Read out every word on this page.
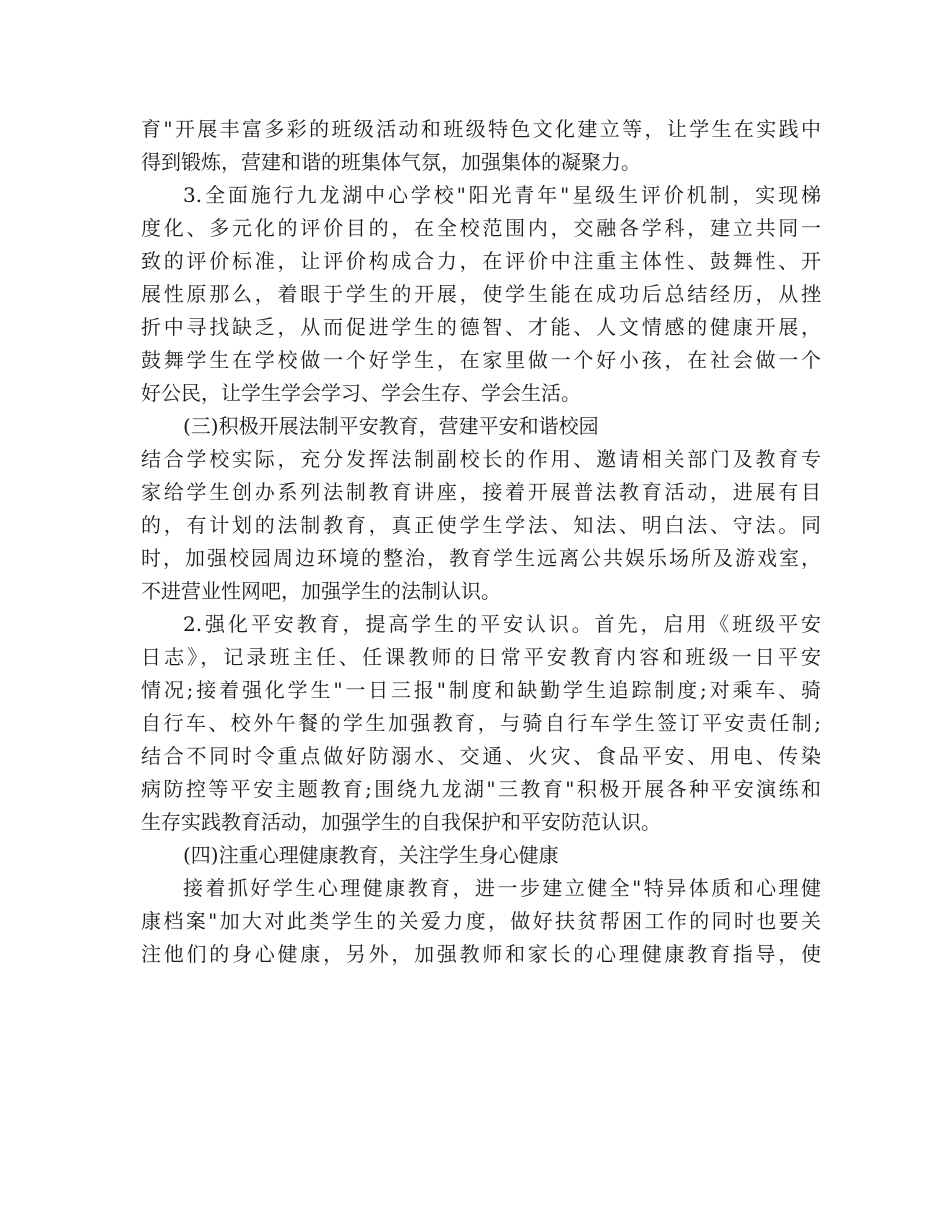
育"开展丰富多彩的班级活动和班级特色文化建立等，让学生在实践中
得到锻炼，营建和谐的班集体气氛，加强集体的凝聚力。
3.全面施行九龙湖中心学校"阳光青年"星级生评价机制，实现梯
度化、多元化的评价目的，在全校范围内，交融各学科，建立共同一
致的评价标准，让评价构成合力，在评价中注重主体性、鼓舞性、开
展性原那么，着眼于学生的开展，使学生能在成功后总结经历，从挫
折中寻找缺乏，从而促进学生的德智、才能、人文情感的健康开展，
鼓舞学生在学校做一个好学生，在家里做一个好小孩，在社会做一个
好公民，让学生学会学习、学会生存、学会生活。
(三)积极开展法制平安教育，营建平安和谐校园
结合学校实际，充分发挥法制副校长的作用、邀请相关部门及教育专
家给学生创办系列法制教育讲座，接着开展普法教育活动，进展有目
的，有计划的法制教育，真正使学生学法、知法、明白法、守法。同
时，加强校园周边环境的整治，教育学生远离公共娱乐场所及游戏室，
不进营业性网吧，加强学生的法制认识。
2.强化平安教育，提高学生的平安认识。首先，启用《班级平安
日志》，记录班主任、任课教师的日常平安教育内容和班级一日平安
情况;接着强化学生"一日三报"制度和缺勤学生追踪制度;对乘车、骑
自行车、校外午餐的学生加强教育，与骑自行车学生签订平安责任制;
结合不同时令重点做好防溺水、交通、火灾、食品平安、用电、传染
病防控等平安主题教育;围绕九龙湖"三教育"积极开展各种平安演练和
生存实践教育活动，加强学生的自我保护和平安防范认识。
(四)注重心理健康教育，关注学生身心健康
接着抓好学生心理健康教育，进一步建立健全"特异体质和心理健
康档案"加大对此类学生的关爱力度，做好扶贫帮困工作的同时也要关
注他们的身心健康，另外，加强教师和家长的心理健康教育指导，使
